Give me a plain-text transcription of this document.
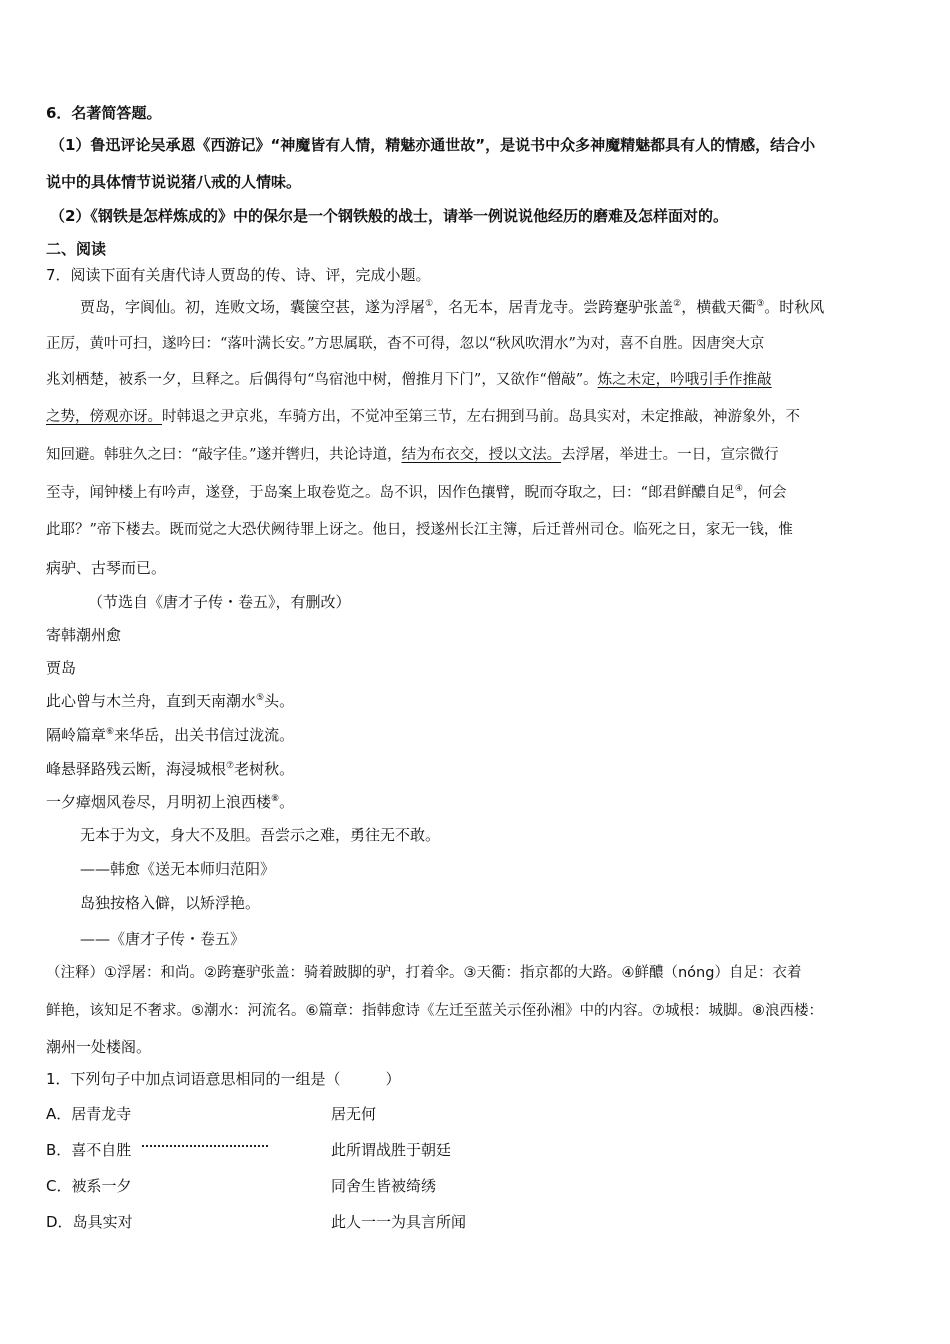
6．名著简答题。
（1）鲁迅评论吴承恩《西游记》“神魔皆有人情，精魅亦通世故”，是说书中众多神魔精魅都具有人的情感，结合小
说中的具体情节说说猪八戒的人情味。
（2）《钢铁是怎样炼成的》中的保尔是一个钢铁般的战士，请举一例说说他经历的磨难及怎样面对的。
二、阅读
7．阅读下面有关唐代诗人贾岛的传、诗、评，完成小题。
贾岛，字阆仙。初，连败文场，囊箧空甚，遂为浮屠①，名无本，居青龙寺。尝跨蹇驴张盖②，横截天衢③。时秋风
正厉，黄叶可扫，遂吟曰：“落叶满长安。”方思属联，杳不可得，忽以“秋风吹渭水”为对，喜不自胜。因唐突大京
兆刘栖楚，被系一夕，旦释之。后偶得句“鸟宿池中树，僧推月下门”，又欲作“僧敲”。炼之未定，吟哦引手作推敲
之势，傍观亦讶。时韩退之尹京兆，车骑方出，不觉冲至第三节，左右拥到马前。岛具实对，未定推敲，神游象外，不
知回避。韩驻久之曰：“敲字佳。”遂并辔归，共论诗道，结为布衣交，授以文法。去浮屠，举进士。一日，宣宗微行
至寺，闻钟楼上有吟声，遂登，于岛案上取卷览之。岛不识，因作色攘臂，睨而夺取之，曰：“郎君鲜醲自足④，何会
此耶？”帝下楼去。既而觉之大恐伏阙待罪上讶之。他日，授遂州长江主簿，后迁普州司仓。临死之日，家无一钱，惟
病驴、古琴而已。
（节选自《唐才子传・卷五》，有删改）
寄韩潮州愈
贾岛
此心曾与木兰舟，直到天南潮水⑤头。
隔岭篇章⑥来华岳，出关书信过泷流。
峰悬驿路残云断，海浸城根⑦老树秋。
一夕瘴烟风卷尽，月明初上浪西楼⑧。
无本于为文，身大不及胆。吾尝示之难，勇往无不敢。
——韩愈《送无本师归范阳》
岛独按格入僻，以矫浮艳。
——《唐才子传・卷五》
（注释）①浮屠：和尚。②跨蹇驴张盖：骑着跛脚的驴，打着伞。③天衢：指京都的大路。④鲜醲（nóng）自足：衣着
鲜艳，该知足不奢求。⑤潮水：河流名。⑥篇章：指韩愈诗《左迁至蓝关示侄孙湘》中的内容。⑦城根：城脚。⑧浪西楼：
潮州一处楼阁。
1．下列句子中加点词语意思相同的一组是（　　　）
A．居青龙寺	居无何
B．喜不自胜	此所谓战胜于朝廷
C．被系一夕	同舍生皆被绮绣
D．岛具实对	此人一一为具言所闻
